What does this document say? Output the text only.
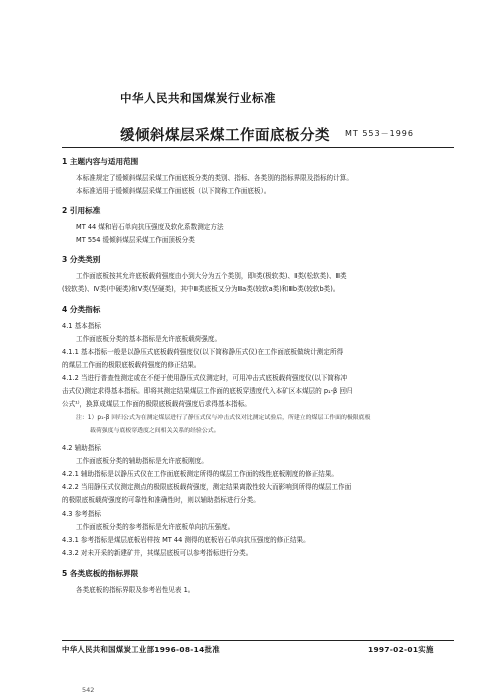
中华人民共和国煤炭行业标准
缓倾斜煤层采煤工作面底板分类 MT 553－1996
1 主题内容与适用范围
本标准规定了缓倾斜煤层采煤工作面底板分类的类别、指标、各类别的指标界限及指标的计算。
本标准适用于缓倾斜煤层采煤工作面底板（以下简称工作面底板）。
2 引用标准
MT 44 煤和岩石单向抗压强度及软化系数测定方法
MT 554 缓倾斜煤层采煤工作面顶板分类
3 分类类别
工作面底板按其允许底板载荷强度由小到大分为五个类别，即Ⅰ类(极软类)、Ⅱ类(松软类)、Ⅲ类
(较软类)、Ⅳ类(中硬类)和Ⅴ类(坚硬类)，其中Ⅲ类底板又分为Ⅲa类(较软a类)和Ⅲb类(较软b类)。
4 分类指标
4.1 基本指标
工作面底板分类的基本指标是允许底板载荷强度。
4.1.1 基本指标一般是以静压式底板载荷强度仪(以下简称静压式仪)在工作面底板做统计测定所得
的煤层工作面的极限底板载荷强度的修正结果。
4.1.2 当进行普查性测定或在不便于使用静压式仪测定时，可用冲击式底板载荷强度仪(以下简称冲
击式仪)测定求得基本指标。即将其测定结果煤层工作面的底板穿透度代入本矿区本煤层的 p₁-β 回归
公式¹⁾，换算成煤层工作面的极限底板载荷强度后求得基本指标。
注：1）p₁-β 回归公式为在测定煤层进行了静压式仪与冲击式仪对比测定试验后，所建立的煤层工作面的极限底板
载荷强度与底板穿透度之间相关关系的经验公式。
4.2 辅助指标
工作面底板分类的辅助指标是允许底板刚度。
4.2.1 辅助指标是以静压式仪在工作面底板测定所得的煤层工作面的线性底板刚度的修正结果。
4.2.2 当用静压式仪测定测点的极限底板载荷强度，测定结果离散性较大而影响到所得的煤层工作面
的极限底板载荷强度的可靠性和准确性时，则以辅助指标进行分类。
4.3 参考指标
工作面底板分类的参考指标是允许底板单向抗压强度。
4.3.1 参考指标是煤层底板岩样按 MT 44 测得的底板岩石单向抗压强度的修正结果。
4.3.2 对未开采的新建矿井，其煤层底板可以参考指标进行分类。
5 各类底板的指标界限
各类底板的指标界限及参考岩性见表 1。
中华人民共和国煤炭工业部1996-08-14批准	1997-02-01实施
542
